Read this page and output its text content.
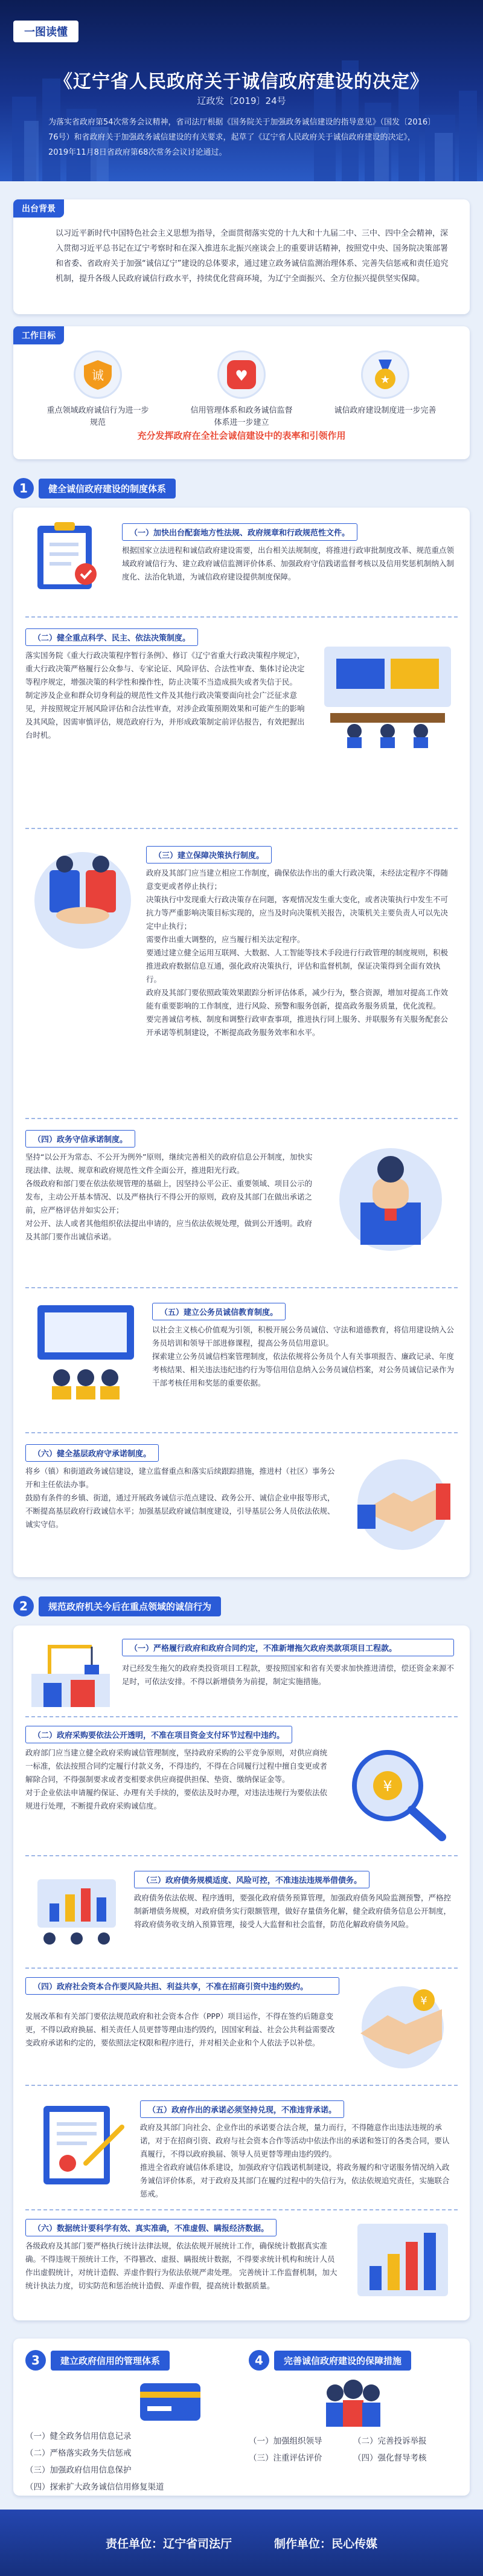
一图读懂
《辽宁省人民政府关于诚信政府建设的决定》
辽政发〔2019〕24号
为落实省政府第54次常务会议精神，省司法厅根据《国务院关于加强政务诚信建设的指导意见》（国发〔2016〕76号）和省政府关于加强政务诚信建设的有关要求，起草了《辽宁省人民政府关于诚信政府建设的决定》，2019年11月8日省政府第68次常务会议讨论通过。
出台背景

以习近平新时代中国特色社会主义思想为指导，全面贯彻落实党的十九大和十九届二中、三中、四中全会精神，深入贯彻习近平总书记在辽宁考察时和在深入推进东北振兴座谈会上的重要讲话精神，按照党中央、国务院决策部署和省委、省政府关于加强“诚信辽宁”建设的总体要求，通过建立政务诚信监测治理体系、完善失信惩戒和责任追究机制，提升各级人民政府诚信行政水平，持续优化营商环境，为辽宁全面振兴、全方位振兴提供坚实保障。

工作目标
诚
重点领域政府诚信行为进一步规范
♥
信用管理体系和政务诚信监督体系进一步建立
★
诚信政府建设制度进一步完善
充分发挥政府在全社会诚信建设中的表率和引领作用
1	健全诚信政府建设的制度体系
（一）加快出台配套地方性法规、政府规章和行政规范性文件。
根据国家立法进程和诚信政府建设需要，出台相关法规制度，将推进行政审批制度改革、规范重点领域政府诚信行为、建立政府诚信监测评价体系、加强政府守信践诺监督考核以及信用奖惩机制纳入制度化、法治化轨道，为诚信政府建设提供制度保障。
（二）健全重点科学、民主、依法决策制度。
落实国务院《重大行政决策程序暂行条例》、修订《辽宁省重大行政决策程序规定》，重大行政决策严格履行公众参与、专家论证、风险评估、合法性审查、集体讨论决定等程序规定，增强决策的科学性和操作性，防止决策不当造成损失或者失信于民。
制定涉及企业和群众切身利益的规范性文件及其他行政决策要面向社会广泛征求意见，并按照规定开展风险评估和合法性审查，对涉企政策预期效果和可能产生的影响及其风险，因需审慎评估，规范政府行为，并形成政策制定前评估报告，有效把握出台时机。
（三）建立保障决策执行制度。
政府及其部门应当建立相应工作制度，确保依法作出的重大行政决策，未经法定程序不得随意变更或者停止执行；
决策执行中发现重大行政决策存在问题，客观情况发生重大变化，或者决策执行中发生不可抗力等严重影响决策目标实现的，应当及时向决策机关报告，决策机关主要负责人可以先决定中止执行；
需要作出重大调整的，应当履行相关法定程序。
要通过建立健全运用互联网、大数据、人工智能等技术手段进行行政管理的制度规则，积极推进政府数据信息互通，强化政府决策执行，评估和监督机制，保证决策得到全面有效执行。
政府及其部门要依照政策效果跟踪分析评估体系，减少行为，整合资源，增加对提高工作效能有重要影响的工作制度，进行风险、预警和服务创新，提高政务服务质量，优化流程。
要完善诚信考核、制度和调整行政审查事项，推进执行同上服务、并联服务有关服务配套公开承诺等机制建设，不断提高政务服务效率和水平。
（四）政务守信承诺制度。
坚持“以公开为常态、不公开为例外”原则，继续完善相关的政府信息公开制度，加快实现法律、法规、规章和政府规范性文件全面公开，推进阳光行政。
各级政府和部门要在依法依规管理的基础上，因坚持公平公正、重要领域、项目公示的发布，主动公开基本情况、以及严格执行不得公开的原则，政府及其部门在做出承诺之前，应严格评估并如实公开；
对公开、法人或者其他组织依法提出申请的，应当依法依规处理，做到公开透明。政府及其部门要作出诚信承诺。
（五）建立公务员诚信教育制度。
以社会主义核心价值观为引领，积极开展公务员诚信、守法和道德教育，将信用建设纳入公务员培训和领导干部进修课程，提高公务员信用意识。
探索建立公务员诚信档案管理制度，依法依规将公务员个人有关事项报告、廉政记录、年度考核结果、相关违法违纪违约行为等信用信息纳入公务员诚信档案，对公务员诚信记录作为干部考核任用和奖惩的重要依据。
（六）健全基层政府守承诺制度。
将乡（镇）和街道政务诚信建设，建立监督重点和落实后续跟踪措施，推进村（社区）事务公开和主任依法办事。
鼓励有条件的乡镇、街道，通过开展政务诚信示范点建设、政务公开、诚信企业申报等形式，不断提高基层政府行政诚信水平；加强基层政府诚信制度建设，引导基层公务人员依法依规、诚实守信。
2	规范政府机关今后在重点领域的诚信行为
（一）严格履行政府和政府合同约定，不准新增拖欠政府类款项项目工程款。
对已经发生拖欠的政府类投资项目工程款，要按照国家和省有关要求加快推进清偿，偿还资金来源不足时，可依法安排。不得以新增债务为前提，制定实施措施。
（二）政府采购要依法公开透明，不准在项目资金支付环节过程中违约。
政府部门应当建立健全政府采购诚信管理制度，坚持政府采购的公平竞争原则，对供应商统一标准，依法按照合同约定履行付款义务，不得违约，不得在合同履行过程中擅自变更或者解除合同，不得强制要求或者变相要求供应商提供担保、垫资、缴纳保证金等。
对于企业依法申请履约保证、办理有关手续的，要依法及时办理，对违法违规行为要依法依规进行处理，不断提升政府采购诚信度。
¥
（三）政府债务规模适度、风险可控，不准违法违规举借债务。
政府债务依法依规、程序透明，要强化政府债务预算管理，加强政府债务风险监测预警，严格控制新增债务规模，对政府债务实行限额管理，做好存量债务化解，健全政府债务信息公开制度，将政府债务收支纳入预算管理，接受人大监督和社会监督，防范化解政府债务风险。
（四）政府社会资本合作要风险共担、利益共享，不准在招商引资中违约毁约。
发展改革和有关部门要依法规范政府和社会资本合作（PPP）项目运作，不得在签约后随意变更，不得以政府换届、相关责任人员更替等理由违约毁约，因国家利益、社会公共利益需要改变政府承诺和约定的，要依照法定权限和程序进行，并对相关企业和个人依法予以补偿。
¥
（五）政府作出的承诺必须坚持兑现，不准违背承诺。
政府及其部门向社会、企业作出的承诺要合法合规，量力而行，不得随意作出违法违规的承诺，对于在招商引资、政府与社会资本合作等活动中依法作出的承诺和签订的各类合同，要认真履行，不得以政府换届、领导人员更替等理由违约毁约。
推进全省政府诚信体系建设，加强政府守信践诺机制建设，将政务履约和守诺服务情况纳入政务诚信评价体系，对于政府及其部门在履约过程中的失信行为，依法依规追究责任，实施联合惩戒。
（六）数据统计要科学有效、真实准确，不准虚假、瞒报经济数据。
各级政府及其部门要严格执行统计法律法规，依法依规开展统计工作，确保统计数据真实准确。不得违规干预统计工作，不得篡改、虚报、瞒报统计数据，不得要求统计机构和统计人员作出虚假统计，对统计造假、弄虚作假行为依法依规严肃处理。 完善统计工作监督机制，加大统计执法力度，切实防范和惩治统计造假、弄虚作假，提高统计数据质量。
3	建立政府信用的管理体系
（一）健全政务信用信息记录
（二）严格落实政务失信惩戒
（三）加强政府信用信息保护
（四）探索扩大政务诚信信用修复渠道
4	完善诚信政府建设的保障措施
（一）加强组织领导	（二）完善投诉举报
（三）注重评估评价	（四）强化督导考核
责任单位：辽宁省司法厅	制作单位：民心传媒
